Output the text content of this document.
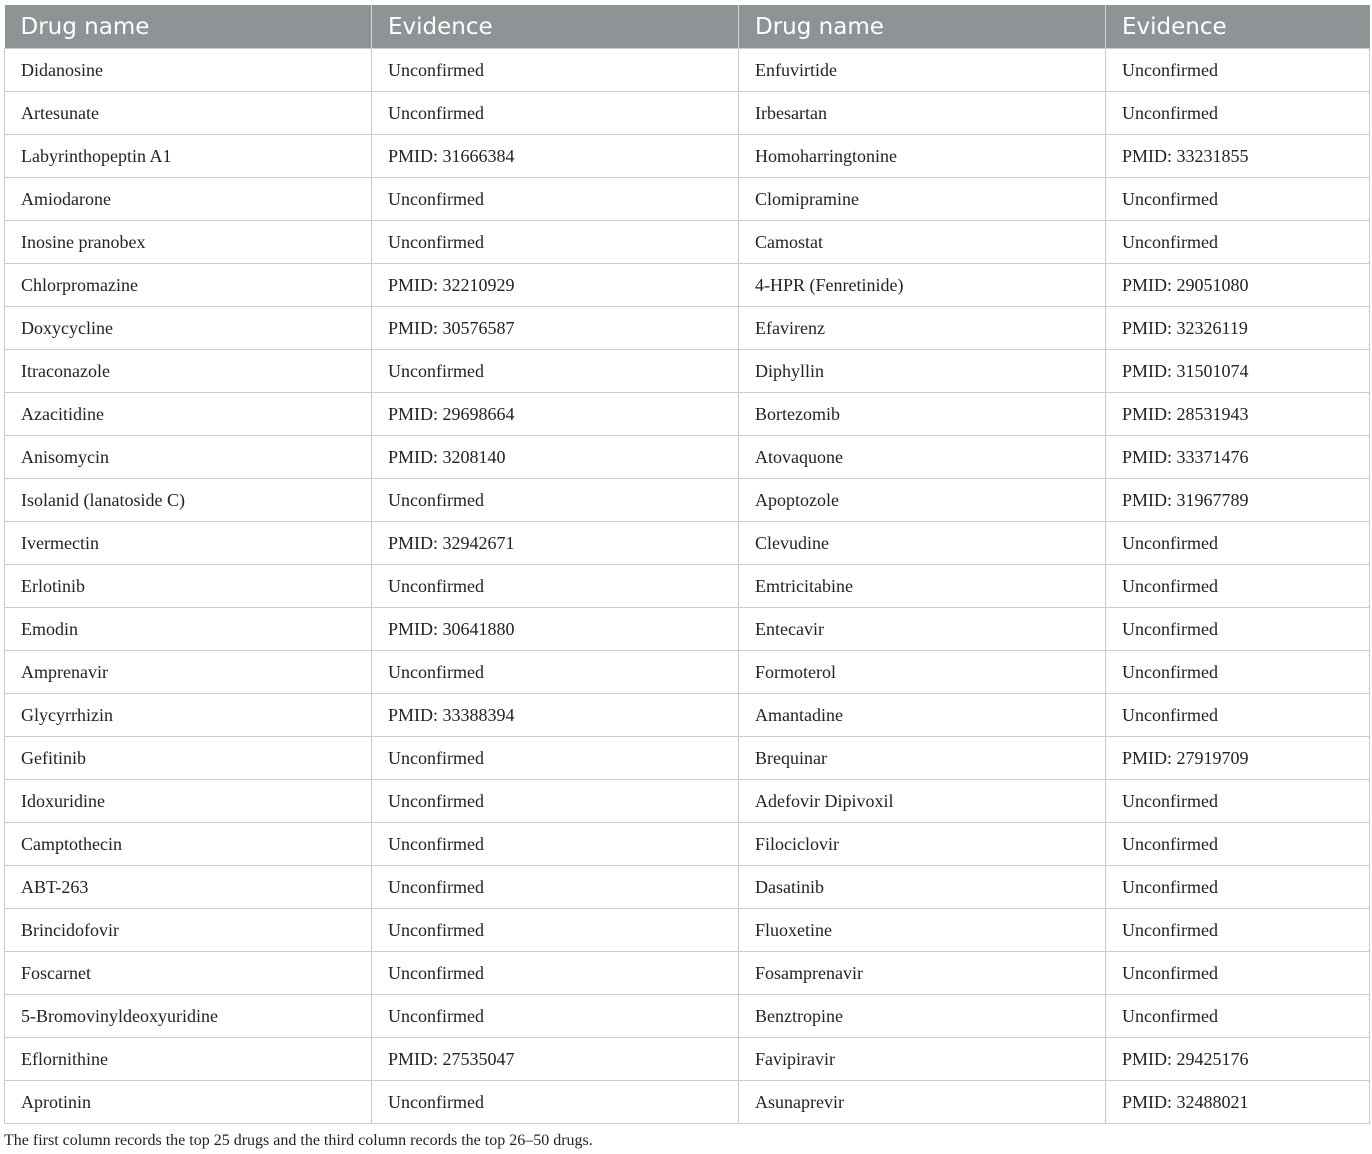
Drug name	Evidence	Drug name	Evidence
Didanosine	Unconfirmed	Enfuvirtide	Unconfirmed
Artesunate	Unconfirmed	Irbesartan	Unconfirmed
Labyrinthopeptin A1	PMID: 31666384	Homoharringtonine	PMID: 33231855
Amiodarone	Unconfirmed	Clomipramine	Unconfirmed
Inosine pranobex	Unconfirmed	Camostat	Unconfirmed
Chlorpromazine	PMID: 32210929	4-HPR (Fenretinide)	PMID: 29051080
Doxycycline	PMID: 30576587	Efavirenz	PMID: 32326119
Itraconazole	Unconfirmed	Diphyllin	PMID: 31501074
Azacitidine	PMID: 29698664	Bortezomib	PMID: 28531943
Anisomycin	PMID: 3208140	Atovaquone	PMID: 33371476
Isolanid (lanatoside C)	Unconfirmed	Apoptozole	PMID: 31967789
Ivermectin	PMID: 32942671	Clevudine	Unconfirmed
Erlotinib	Unconfirmed	Emtricitabine	Unconfirmed
Emodin	PMID: 30641880	Entecavir	Unconfirmed
Amprenavir	Unconfirmed	Formoterol	Unconfirmed
Glycyrrhizin	PMID: 33388394	Amantadine	Unconfirmed
Gefitinib	Unconfirmed	Brequinar	PMID: 27919709
Idoxuridine	Unconfirmed	Adefovir Dipivoxil	Unconfirmed
Camptothecin	Unconfirmed	Filociclovir	Unconfirmed
ABT-263	Unconfirmed	Dasatinib	Unconfirmed
Brincidofovir	Unconfirmed	Fluoxetine	Unconfirmed
Foscarnet	Unconfirmed	Fosamprenavir	Unconfirmed
5-Bromovinyldeoxyuridine	Unconfirmed	Benztropine	Unconfirmed
Eflornithine	PMID: 27535047	Favipiravir	PMID: 29425176
Aprotinin	Unconfirmed	Asunaprevir	PMID: 32488021
The first column records the top 25 drugs and the third column records the top 26–50 drugs.
